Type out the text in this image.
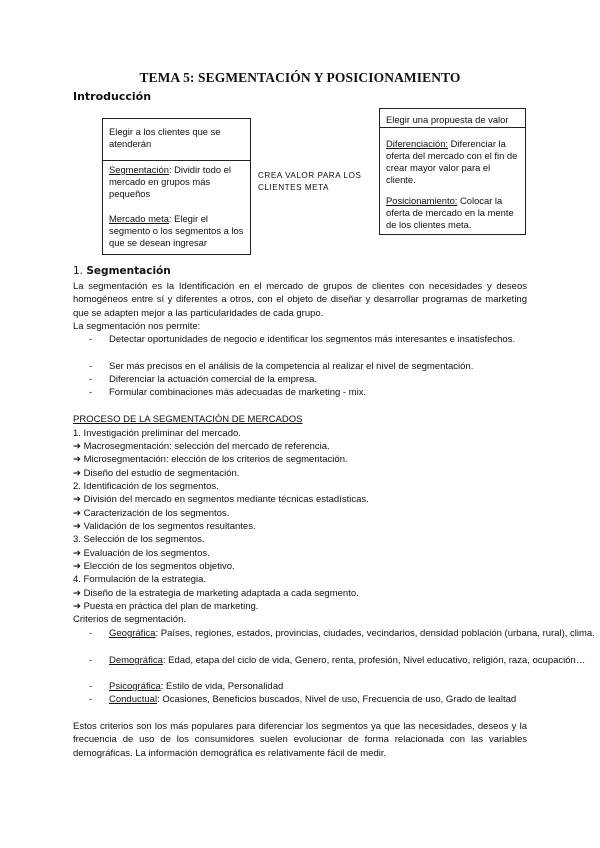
TEMA 5: SEGMENTACIÓN Y POSICIONAMIENTO
Introducción

Elegir a los clientes que se atenderán

Segmentación: Dividir todo el mercado en grupos más pequeños

Mercado meta: Elegir el segmento o los segmentos a los que se desean ingresar

CREA VALOR PARA LOS CLIENTES META

Elegir una propuesta de valor

Diferenciación: Diferenciar la oferta del mercado con el fin de crear mayor valor para el cliente.

Posicionamiento: Colocar la oferta de mercado en la mente de los clientes meta.

1. Segmentación
La segmentación es la Identificación en el mercado de grupos de clientes con necesidades y deseos homogéneos entre sí y diferentes a otros, con el objeto de diseñar y desarrollar programas de marketing que se adapten mejor a las particularidades de cada grupo.
La segmentación nos permite:
- Detectar oportunidades de negocio e identificar los segmentos más interesantes e insatisfechos.
- Ser más precisos en el análisis de la competencia al realizar el nivel de segmentación.
- Diferenciar la actuación comercial de la empresa.
- Formular combinaciones más adecuadas de marketing - mix.
PROCESO DE LA SEGMENTACIÓN DE MERCADOS
1. Investigación preliminar del mercado.
➔ Macrosegmentación: selección del mercado de referencia.
➔ Microsegmentación: elección de los criterios de segmentación.
➔ Diseño del estudio de segmentación.
2. Identificación de los segmentos.
➔ División del mercado en segmentos mediante técnicas estadísticas.
➔ Caracterización de los segmentos.
➔ Validación de los segmentos resultantes.
3. Selección de los segmentos.
➔ Evaluación de los segmentos.
➔ Elección de los segmentos objetivo.
4. Formulación de la estrategia.
➔ Diseño de la estrategia de marketing adaptada a cada segmento.
➔ Puesta en práctica del plan de marketing.
Criterios de segmentación.
- Geográfica: Países, regiones, estados, provincias, ciudades, vecindarios, densidad población (urbana, rural), clima.
- Demográfica: Edad, etapa del ciclo de vida, Genero, renta, profesión, Nivel educativo, religión, raza, ocupación…
- Psicográfica: Estilo de vida, Personalidad
- Conductual: Ocasiones, Beneficios buscados, Nivel de uso, Frecuencia de uso, Grado de lealtad
Estos criterios son los más populares para diferenciar los segmentos ya que las necesidades, deseos y la frecuencia de uso de los consumidores suelen evolucionar de forma relacionada con las variables demográficas. La información demográfica es relativamente fácil de medir.
